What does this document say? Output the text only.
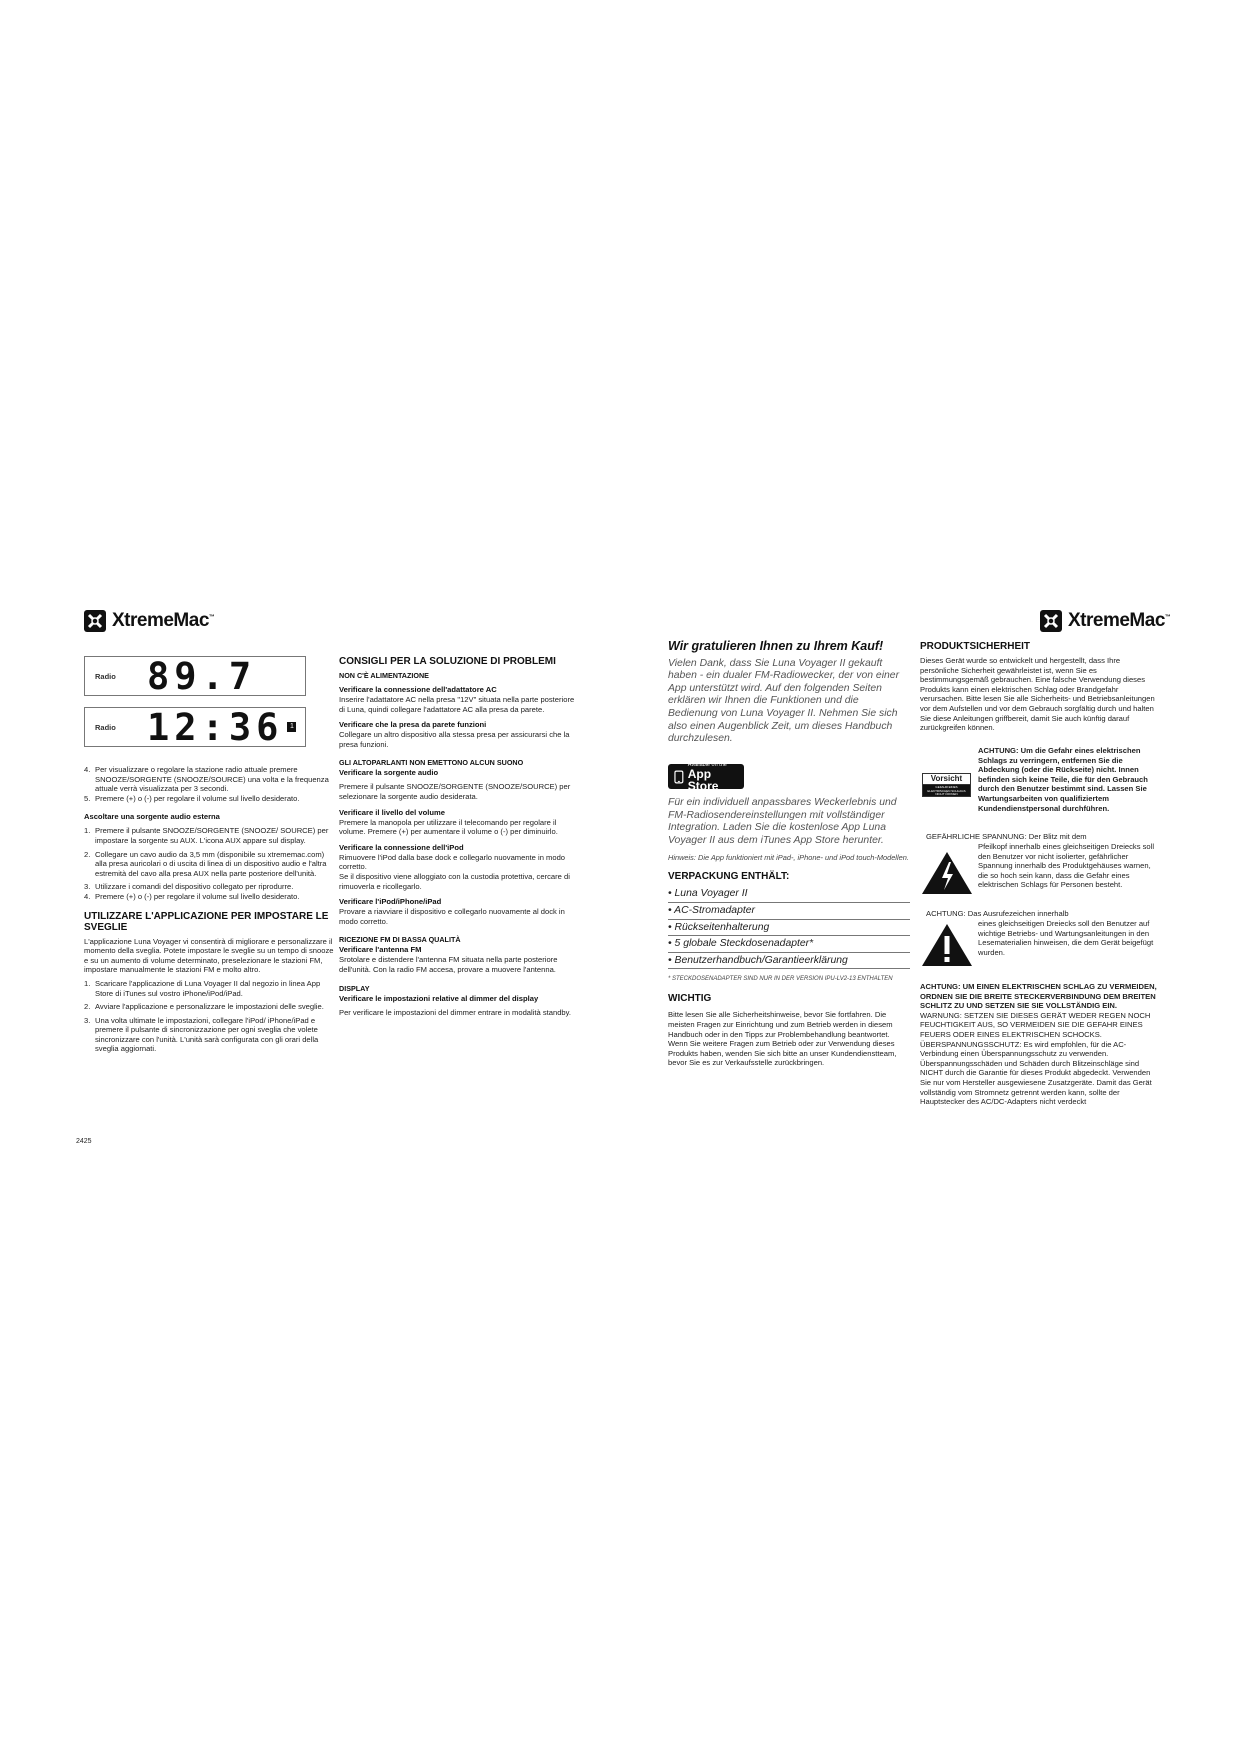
XtremeMac™
Radio 89.7
Radio 12:36 1
4. Per visualizzare o regolare la stazione radio attuale premere SNOOZE/SORGENTE (SNOOZE/SOURCE) una volta e la frequenza attuale verrà visualizzata per 3 secondi.
5. Premere (+) o (-) per regolare il volume sul livello desiderato.

Ascoltare una sorgente audio esterna

1. Premere il pulsante SNOOZE/SORGENTE (SNOOZE/ SOURCE) per impostare la sorgente su AUX. L'icona AUX appare sul display.
2. Collegare un cavo audio da 3,5 mm (disponibile su xtrememac.com) alla presa auricolari o di uscita di linea di un dispositivo audio e l'altra estremità del cavo alla presa AUX nella parte posteriore dell'unità.
3. Utilizzare i comandi del dispositivo collegato per riprodurre.
4. Premere (+) o (-) per regolare il volume sul livello desiderato.

UTILIZZARE L'APPLICAZIONE PER IMPOSTARE LE SVEGLIE

L'applicazione Luna Voyager vi consentirà di migliorare e personalizzare il momento della sveglia. Potete impostare le sveglie su un tempo di snooze e su un aumento di volume determinato, preselezionare le stazioni FM, impostare manualmente le stazioni FM e molto altro.

1. Scaricare l'applicazione di Luna Voyager II dal negozio in linea App Store di iTunes sul vostro iPhone/iPod/iPad.
2. Avviare l'applicazione e personalizzare le impostazioni delle sveglie.
3. Una volta ultimate le impostazioni, collegare l'iPod/ iPhone/iPad e premere il pulsante di sincronizzazione per ogni sveglia che volete sincronizzare con l'unità. L'unità sarà configurata con gli orari della sveglia aggiornati.
2425

CONSIGLI PER LA SOLUZIONE DI PROBLEMI

NON C'È ALIMENTAZIONE

Verificare la connessione dell'adattatore AC

Inserire l'adattatore AC nella presa "12V" situata nella parte posteriore di Luna, quindi collegare l'adattatore AC alla presa da parete.

Verificare che la presa da parete funzioni

Collegare un altro dispositivo alla stessa presa per assicurarsi che la presa funzioni.

GLI ALTOPARLANTI NON EMETTONO ALCUN SUONO

Verificare la sorgente audio

Premere il pulsante SNOOZE/SORGENTE (SNOOZE/SOURCE) per selezionare la sorgente audio desiderata.

Verificare il livello del volume

Premere la manopola per utilizzare il telecomando per regolare il volume. Premere (+) per aumentare il volume o (-) per diminuirlo.

Verificare la connessione dell'iPod

Rimuovere l'iPod dalla base dock e collegarlo nuovamente in modo corretto.

Se il dispositivo viene alloggiato con la custodia protettiva, cercare di rimuoverla e ricollegarlo.

Verificare l'iPod/iPhone/iPad

Provare a riavviare il dispositivo e collegarlo nuovamente al dock in modo corretto.

RICEZIONE FM DI BASSA QUALITÀ

Verificare l'antenna FM

Srotolare e distendere l'antenna FM situata nella parte posteriore dell'unità. Con la radio FM accesa, provare a muovere l'antenna.

DISPLAY

Verificare le impostazioni relative al dimmer del display

Per verificare le impostazioni del dimmer entrare in modalità standby.

XtremeMac™

Wir gratulieren Ihnen zu Ihrem Kauf!

Vielen Dank, dass Sie Luna Voyager II gekauft haben - ein dualer FM-Radiowecker, der von einer App unterstützt wird. Auf den folgenden Seiten erklären wir Ihnen die Funktionen und die Bedienung von Luna Voyager II. Nehmen Sie sich also einen Augenblick Zeit, um dieses Handbuch durchzulesen.

Available on the
App Store

Für ein individuell anpassbares Weckerlebnis und FM-Radiosendereinstellungen mit vollständiger Integration. Laden Sie die kostenlose App Luna Voyager II aus dem iTunes App Store herunter.

Hinweis: Die App funktioniert mit iPad-, iPhone- und iPod touch-Modellen.

VERPACKUNG ENTHÄLT:

• Luna Voyager II
• AC-Stromadapter
• Rückseitenhalterung
• 5 globale Steckdosenadapter*
• Benutzerhandbuch/Garantieerklärung

* STECKDOSENADAPTER SIND NUR IN DER VERSION IPU-LV2-13 ENTHALTEN

WICHTIG

Bitte lesen Sie alle Sicherheitshinweise, bevor Sie fortfahren. Die meisten Fragen zur Einrichtung und zum Betrieb werden in diesem Handbuch oder in den Tipps zur Problembehandlung beantwortet. Wenn Sie weitere Fragen zum Betrieb oder zur Verwendung dieses Produkts haben, wenden Sie sich bitte an unser Kundendienstteam, bevor Sie es zur Verkaufsstelle zurückbringen.

PRODUKTSICHERHEIT

Dieses Gerät wurde so entwickelt und hergestellt, dass Ihre persönliche Sicherheit gewährleistet ist, wenn Sie es bestimmungsgemäß gebrauchen. Eine falsche Verwendung dieses Produkts kann einen elektrischen Schlag oder Brandgefahr verursachen. Bitte lesen Sie alle Sicherheits- und Betriebsanleitungen vor dem Aufstellen und vor dem Gebrauch sorgfältig durch und halten Sie diese Anleitungen griffbereit, damit Sie auch künftig darauf zurückgreifen können.

Vorsicht
GEFAHR EINES ELEKTRISCHEN SCHLAGS NICHT ÖFFNEN

ACHTUNG: Um die Gefahr eines elektrischen Schlags zu verringern, entfernen Sie die Abdeckung (oder die Rückseite) nicht. Innen befinden sich keine Teile, die für den Gebrauch durch den Benutzer bestimmt sind. Lassen Sie Wartungsarbeiten von qualifiziertem Kundendienstpersonal durchführen.

GEFÄHRLICHE SPANNUNG: Der Blitz mit dem

Pfeilkopf innerhalb eines gleichseitigen Dreiecks soll den Benutzer vor nicht isolierter, gefährlicher Spannung innerhalb des Produktgehäuses warnen, die so hoch sein kann, dass die Gefahr eines elektrischen Schlags für Personen besteht.

ACHTUNG: Das Ausrufezeichen innerhalb

eines gleichseitigen Dreiecks soll den Benutzer auf wichtige Betriebs- und Wartungsanleitungen in den Lesematerialien hinweisen, die dem Gerät beigefügt wurden.

ACHTUNG: UM EINEN ELEKTRISCHEN SCHLAG ZU VERMEIDEN, ORDNEN SIE DIE BREITE STECKERVERBINDUNG DEM BREITEN SCHLITZ ZU UND SETZEN SIE SIE VOLLSTÄNDIG EIN.

WARNUNG: SETZEN SIE DIESES GERÄT WEDER REGEN NOCH FEUCHTIGKEIT AUS, SO VERMEIDEN SIE DIE GEFAHR EINES FEUERS ODER EINES ELEKTRISCHEN SCHOCKS.

ÜBERSPANNUNGSSCHUTZ: Es wird empfohlen, für die AC-Verbindung einen Überspannungsschutz zu verwenden. Überspannungsschäden und Schäden durch Blitzeinschläge sind NICHT durch die Garantie für dieses Produkt abgedeckt. Verwenden Sie nur vom Hersteller ausgewiesene Zusatzgeräte. Damit das Gerät vollständig vom Stromnetz getrennt werden kann, sollte der Hauptstecker des AC/DC-Adapters nicht verdeckt
